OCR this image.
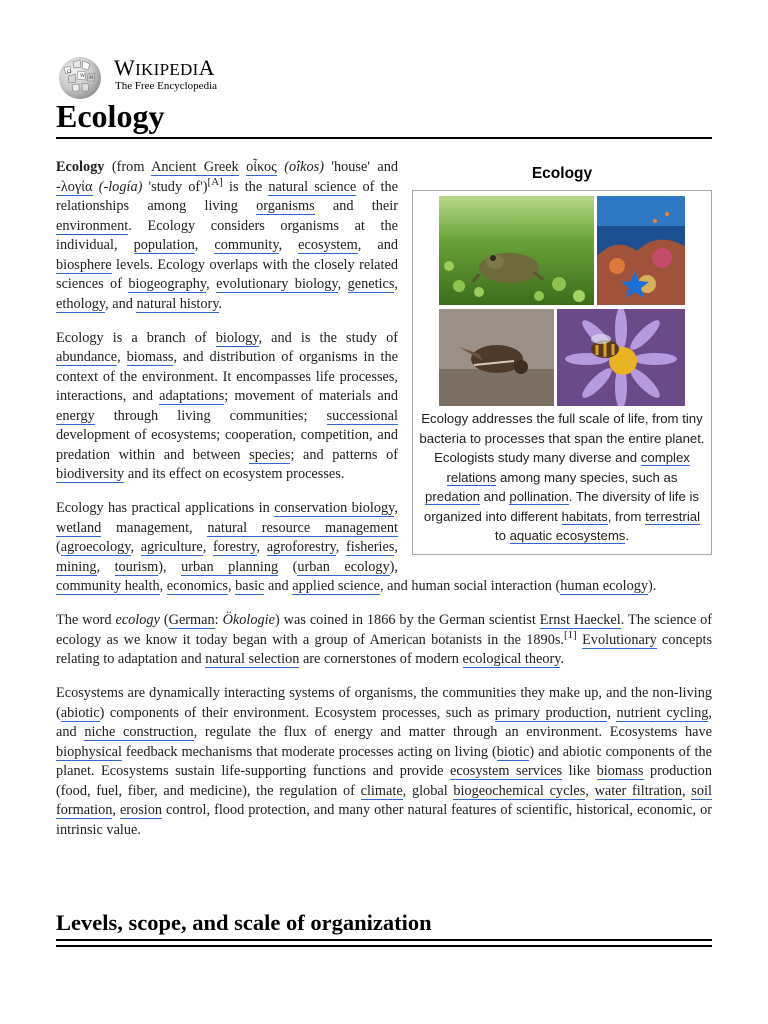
Ω
W И WIKIPEDIA
The Free Encyclopedia
Ecology
Ecology
Ecology addresses the full scale of life, from tiny bacteria to processes that span the entire planet. Ecologists study many diverse and complex relations among many species, such as predation and pollination. The diversity of life is organized into different habitats, from terrestrial to aquatic ecosystems.

Ecology (from Ancient Greek οἶκος (oîkos) 'house' and -λογία (-logía) 'study of')[A] is the natural science of the relationships among living organisms and their environment. Ecology considers organisms at the individual, population, community, ecosystem, and biosphere levels. Ecology overlaps with the closely related sciences of biogeography, evolutionary biology, genetics, ethology, and natural history.

Ecology is a branch of biology, and is the study of abundance, biomass, and distribution of organisms in the context of the environment. It encompasses life processes, interactions, and adaptations; movement of materials and energy through living communities; successional development of ecosystems; cooperation, competition, and predation within and between species; and patterns of biodiversity and its effect on ecosystem processes.

Ecology has practical applications in conservation biology, wetland management, natural resource management (agroecology, agriculture, forestry, agroforestry, fisheries, mining, tourism), urban planning (urban ecology), community health, economics, basic and applied science, and human social interaction (human ecology).

The word ecology (German: Ökologie) was coined in 1866 by the German scientist Ernst Haeckel. The science of ecology as we know it today began with a group of American botanists in the 1890s.[1] Evolutionary concepts relating to adaptation and natural selection are cornerstones of modern ecological theory.

Ecosystems are dynamically interacting systems of organisms, the communities they make up, and the non-living (abiotic) components of their environment. Ecosystem processes, such as primary production, nutrient cycling, and niche construction, regulate the flux of energy and matter through an environment. Ecosystems have biophysical feedback mechanisms that moderate processes acting on living (biotic) and abiotic components of the planet. Ecosystems sustain life-supporting functions and provide ecosystem services like biomass production (food, fuel, fiber, and medicine), the regulation of climate, global biogeochemical cycles, water filtration, soil formation, erosion control, flood protection, and many other natural features of scientific, historical, economic, or intrinsic value.

Levels, scope, and scale of organization
